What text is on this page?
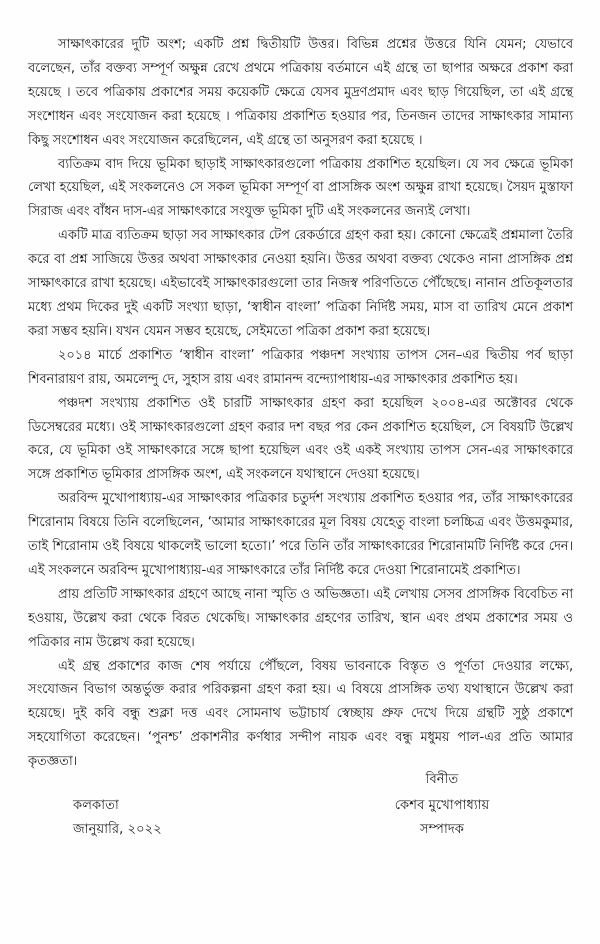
সাক্ষাৎকারের দুটি অংশ; একটি প্রশ্ন দ্বিতীয়টি উত্তর। বিভিন্ন প্রশ্নের উত্তরে যিনি যেমন; যেভাবে বলেছেন, তাঁর বক্তব্য সম্পূর্ণ অক্ষুন্ন রেখে প্রথমে পত্রিকায় বর্তমানে এই গ্রন্থে তা ছাপার অক্ষরে প্রকাশ করা হয়েছে । তবে পত্রিকায় প্রকাশের সময় কয়েকটি ক্ষেত্রে যেসব মুদ্রণপ্রমাদ এবং ছাড় গিয়েছিল, তা এই গ্রন্থে সংশোধন এবং সংযোজন করা হয়েছে । পত্রিকায় প্রকাশিত হওয়ার পর, তিনজন তাদের সাক্ষাৎকার সামান্য কিছু সংশোধন এবং সংযোজন করেছিলেন, এই গ্রন্থে তা অনুসরণ করা হয়েছে ।

ব্যতিক্রম বাদ দিয়ে ভূমিকা ছাড়াই সাক্ষাৎকারগুলো পত্রিকায় প্রকাশিত হয়েছিল। যে সব ক্ষেত্রে ভূমিকা লেখা হয়েছিল, এই সংকলনেও সে সকল ভূমিকা সম্পূর্ণ বা প্রাসঙ্গিক অংশ অক্ষুন্ন রাখা হয়েছে। সৈয়দ মুস্তাফা সিরাজ এবং বাঁধন দাস-এর সাক্ষাৎকারে সংযুক্ত ভূমিকা দুটি এই সংকলনের জন্যই লেখা।

একটি মাত্র ব্যতিক্রম ছাড়া সব সাক্ষাৎকার টেপ রেকর্ডারে গ্রহণ করা হয়। কোনো ক্ষেত্রেই প্রশ্নমালা তৈরি করে বা প্রশ্ন সাজিয়ে উত্তর অথবা সাক্ষাৎকার নেওয়া হয়নি। উত্তর অথবা বক্তব্য থেকেও নানা প্রাসঙ্গিক প্রশ্ন সাক্ষাৎকারে রাখা হয়েছে। এইভাবেই সাক্ষাৎকারগুলো তার নিজস্ব পরিণতিতে পৌঁছেছে। নানান প্রতিকূলতার মধ্যে প্রথম দিকের দুই একটি সংখ্যা ছাড়া, ‘স্বাধীন বাংলা’ পত্রিকা নির্দিষ্ট সময়, মাস বা তারিখ মেনে প্রকাশ করা সম্ভব হয়নি। যখন যেমন সম্ভব হয়েছে, সেইমতো পত্রিকা প্রকাশ করা হয়েছে।

২০১৪ মার্চে প্রকাশিত ‘স্বাধীন বাংলা’ পত্রিকার পঞ্চদশ সংখ্যায় তাপস সেন–এর দ্বিতীয় পর্ব ছাড়া শিবনারায়ণ রায়, অমলেন্দু দে, সুহাস রায় এবং রামানন্দ বন্দ্যোপাধায়-এর সাক্ষাৎকার প্রকাশিত হয়।

পঞ্চদশ সংখ্যায় প্রকাশিত ওই চারটি সাক্ষাৎকার গ্রহণ করা হয়েছিল ২০০৪-এর অক্টোবর থেকে ডিসেম্বরের মধ্যে। ওই সাক্ষাৎকারগুলো গ্রহণ করার দশ বছর পর কেন প্রকাশিত হয়েছিল, সে বিষয়টি উল্লেখ করে, যে ভূমিকা ওই সাক্ষাৎকারে সঙ্গে ছাপা হয়েছিল এবং ওই একই সংখ্যায় তাপস সেন-এর সাক্ষাৎকারে সঙ্গে প্রকাশিত ভূমিকার প্রাসঙ্গিক অংশ, এই সংকলনে যথাস্থানে দেওয়া হয়েছে।

অরবিন্দ মুখোপাধ্যায়-এর সাক্ষাৎকার পত্রিকার চতুর্দশ সংখ্যায় প্রকাশিত হওয়ার পর, তাঁর সাক্ষাৎকারের শিরোনাম বিষয়ে তিনি বলেছিলেন, ‘আমার সাক্ষাৎকারের মূল বিষয় যেহেতু বাংলা চলচ্চিত্র এবং উত্তমকুমার, তাই শিরোনাম ওই বিষয়ে থাকলেই ভালো হতো।’ পরে তিনি তাঁর সাক্ষাৎকারের শিরোনামটি নির্দিষ্ট করে দেন। এই সংকলনে অরবিন্দ মুখোপাধ্যায়-এর সাক্ষাৎকারে তাঁর নির্দিষ্ট করে দেওয়া শিরোনামেই প্রকাশিত।

প্রায় প্রতিটি সাক্ষাৎকার গ্রহণে আছে নানা স্মৃতি ও অভিজ্ঞতা। এই লেখায় সেসব প্রাসঙ্গিক বিবেচিত না হওয়ায়, উল্লেখ করা থেকে বিরত থেকেছি। সাক্ষাৎকার গ্রহণের তারিখ, স্থান এবং প্রথম প্রকাশের সময় ও পত্রিকার নাম উল্লেখ করা হয়েছে।

এই গ্রন্থ প্রকাশের কাজ শেষ পর্যায়ে পৌঁছলে, বিষয় ভাবনাকে বিস্তৃত ও পূর্ণতা দেওয়ার লক্ষ্যে, সংযোজন বিভাগ অন্তর্ভুক্ত করার পরিকল্পনা গ্রহণ করা হয়। এ বিষয়ে প্রাসঙ্গিক তথ্য যথাস্থানে উল্লেখ করা হয়েছে। দুই কবি বন্ধু শুক্লা দত্ত এবং সোমনাথ ভট্টাচার্য স্বেচ্ছায় প্রুফ দেখে দিয়ে গ্রন্থটি সুষ্ঠু প্রকাশে সহযোগিতা করেছেন। ‘পুনশ্চ’ প্রকাশনীর কর্ণধার সন্দীপ নায়ক এবং বন্ধু মধুময় পাল-এর প্রতি আমার কৃতজ্ঞতা।

বিনীত
কলকাতা
জানুয়ারি, ২০২২
কেশব মুখোপাধ্যায়
সম্পাদক
